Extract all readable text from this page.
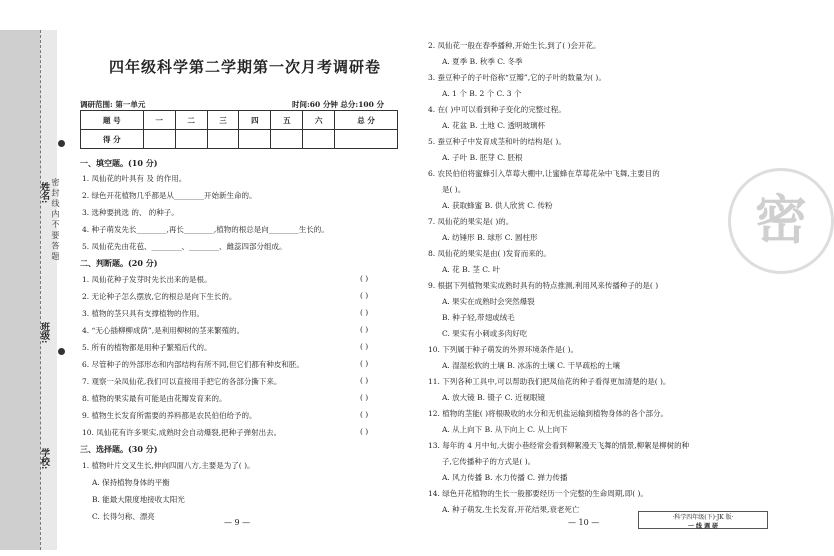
姓名:
班级:
学校:
密 封 线 内 不 要 答 题
四年级科学第二学期第一次月考调研卷
调研范围: 第一单元	时间:60 分钟 总分:100 分
题 号	一	二	三	四	五	六	总 分
得 分							
一、填空题。(10 分)
1. 凤仙花的叶具有 及 的作用。
2. 绿色开花植物几乎都是从________开始新生命的。
3. 选种要挑选 的、 的种子。
4. 种子萌发先长________,再长________,植物的根总是向________生长的。
5. 凤仙花先由花苞、________、________、雌蕊四部分组成。
二、判断题。(20 分)
1. 凤仙花种子发芽时先长出来的是根。	( )
2. 无论种子怎么摆放,它的根总是向下生长的。	( )
3. 植物的茎只具有支撑植物的作用。	( )
4. “无心插柳柳成荫”,是利用柳树的茎来繁殖的。	( )
5. 所有的植物都是用种子繁殖后代的。	( )
6. 尽管种子的外部形态和内部结构有所不同,但它们都有种皮和胚。	( )
7. 观察一朵凤仙花,我们可以直接用手把它的各部分撕下来。	( )
8. 植物的果实最有可能是由花瓣发育来的。	( )
9. 植物生长发育所需要的养料都是农民伯伯给予的。	( )
10. 凤仙花有许多果实,成熟时会自动爆裂,把种子弹射出去。	( )
三、选择题。(30 分)
1. 植物叶片交叉生长,伸向四面八方,主要是为了( )。
A. 保持植物身体的平衡
B. 能最大限度地接收太阳光
C. 长得匀称、漂亮
— 9 —
2. 凤仙花一般在春季播种,开始生长,到了( )会开花。
A. 夏季 B. 秋季 C. 冬季
3. 蚕豆种子的子叶俗称“豆瓣”,它的子叶的数量为( )。
A. 1 个 B. 2 个 C. 3 个
4. 在( )中可以看到种子变化的完整过程。
A. 花盆 B. 土地 C. 透明玻璃杯
5. 蚕豆种子中发育成茎和叶的结构是( )。
A. 子叶 B. 胚芽 C. 胚根
6. 农民伯伯将蜜蜂引入草莓大棚中,让蜜蜂在草莓花朵中飞舞,主要目的
是( )。
A. 获取蜂蜜 B. 供人欣赏 C. 传粉
7. 凤仙花的果实是( )的。
A. 纺锤形 B. 球形 C. 圆柱形
8. 凤仙花的果实是由( )发育而来的。
A. 花 B. 茎 C. 叶
9. 根据下列植物果实成熟时具有的特点推测,利用风来传播种子的是( )
A. 果实在成熟时会突然爆裂
B. 种子轻,带翅或绒毛
C. 果实有小刺或多肉好吃
10. 下列属于种子萌发的外界环境条件是( )。
A. 湿湿松软的土壤 B. 冰冻的土壤 C. 干旱疏松的土壤
11. 下列各种工具中,可以帮助我们把凤仙花的种子看得更加清楚的是( )。
A. 放大镜 B. 镊子 C. 近视眼镜
12. 植物的茎能( )将根吸收的水分和无机盐运输到植物身体的各个部分。
A. 从上向下 B. 从下向上 C. 从上向下
13. 每年的 4 月中旬,大街小巷经常会看到柳絮漫天飞舞的情景,柳絮是柳树的种
子,它传播种子的方式是( )。
A. 风力传播 B. 水力传播 C. 弹力传播
14. 绿色开花植物的生长一般都要经历一个完整的生命周期,即( )。
A. 种子萌发,生长发育,开花结果,衰老死亡
— 10 —
密
·科学四年级(下)·JK 版·
一 线 调 研
